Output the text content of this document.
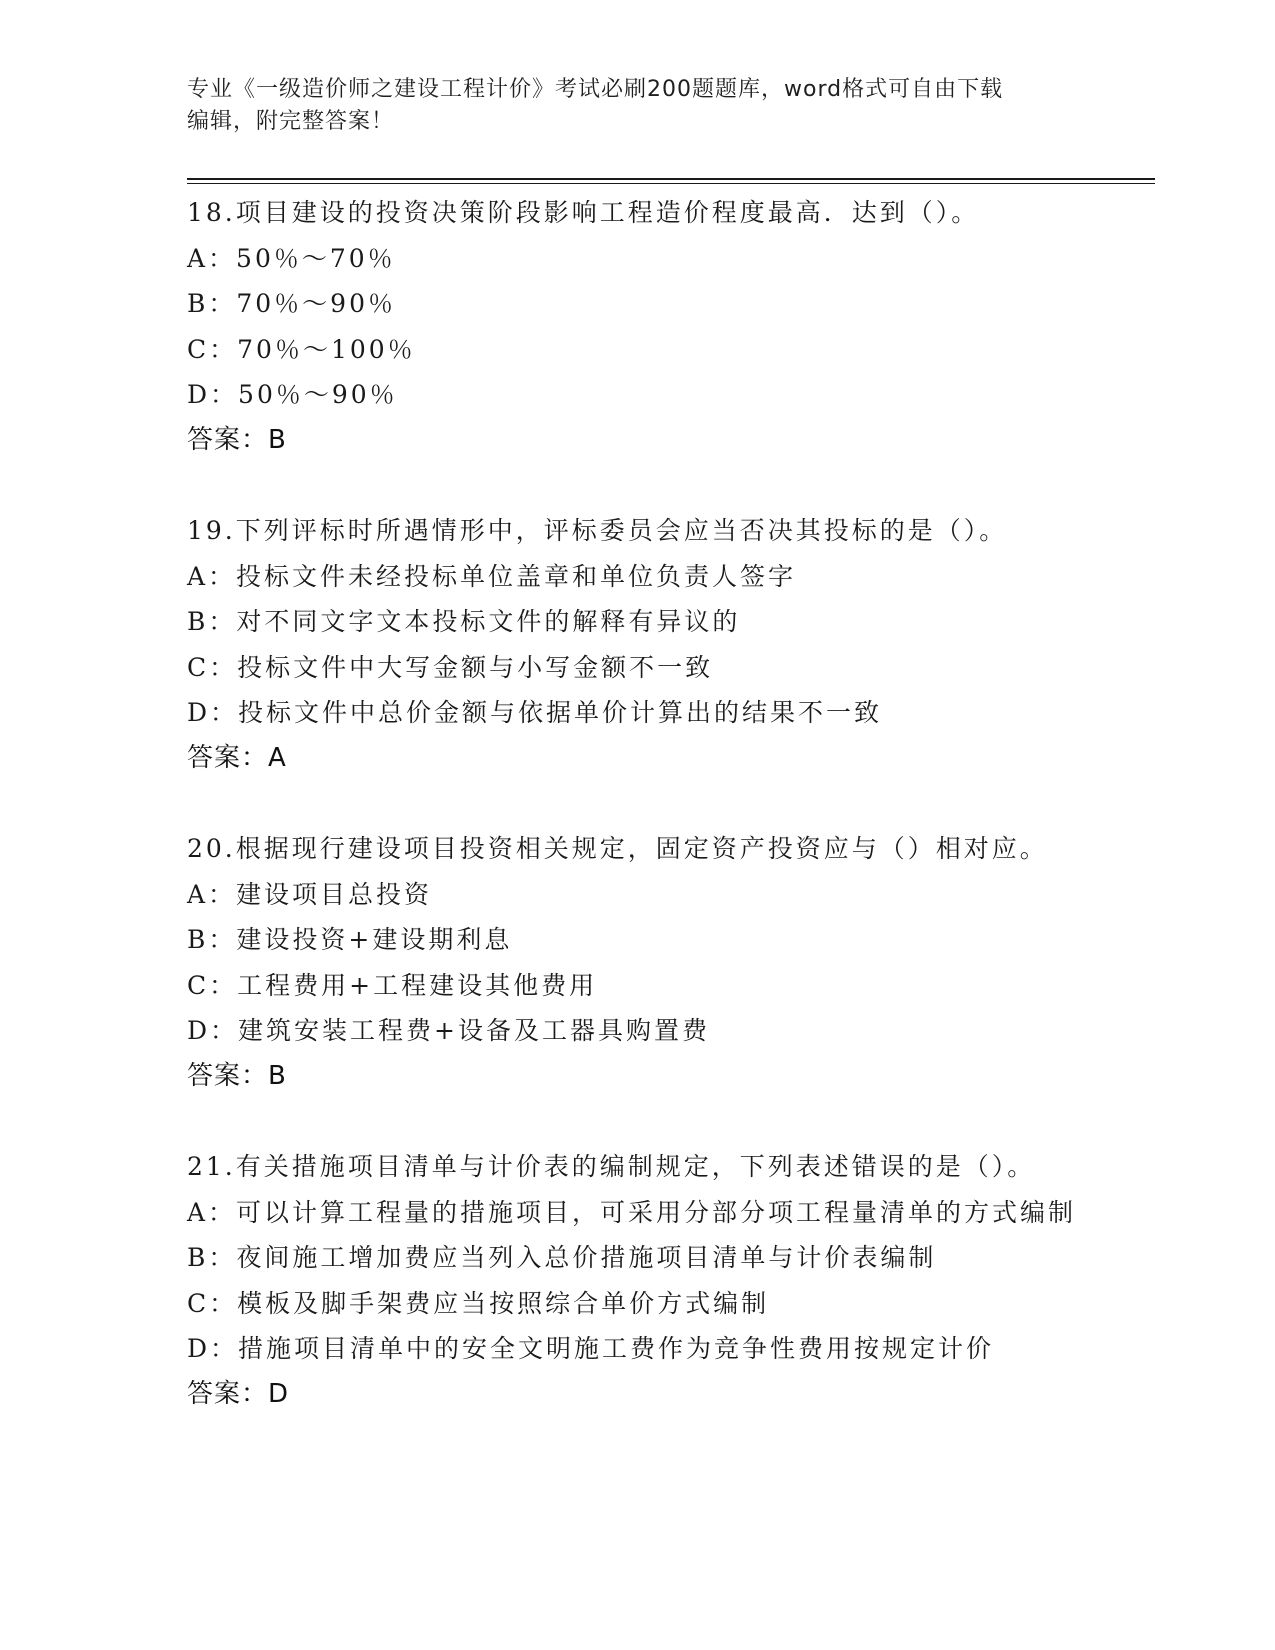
专业《一级造价师之建设工程计价》考试必刷200题题库，word格式可自由下载
编辑，附完整答案！
18.项目建设的投资决策阶段影响工程造价程度最高．达到（）。
A：50％～70％
B：70％～90％
C：70％～100％
D：50％～90％
答案：B
19.下列评标时所遇情形中，评标委员会应当否决其投标的是（）。
A：投标文件未经投标单位盖章和单位负责人签字
B：对不同文字文本投标文件的解释有异议的
C：投标文件中大写金额与小写金额不一致
D：投标文件中总价金额与依据单价计算出的结果不一致
答案：A
20.根据现行建设项目投资相关规定，固定资产投资应与（）相对应。
A：建设项目总投资
B：建设投资+建设期利息
C：工程费用+工程建设其他费用
D：建筑安装工程费+设备及工器具购置费
答案：B
21.有关措施项目清单与计价表的编制规定，下列表述错误的是（）。
A：可以计算工程量的措施项目，可采用分部分项工程量清单的方式编制
B：夜间施工增加费应当列入总价措施项目清单与计价表编制
C：模板及脚手架费应当按照综合单价方式编制
D：措施项目清单中的安全文明施工费作为竞争性费用按规定计价
答案：D
